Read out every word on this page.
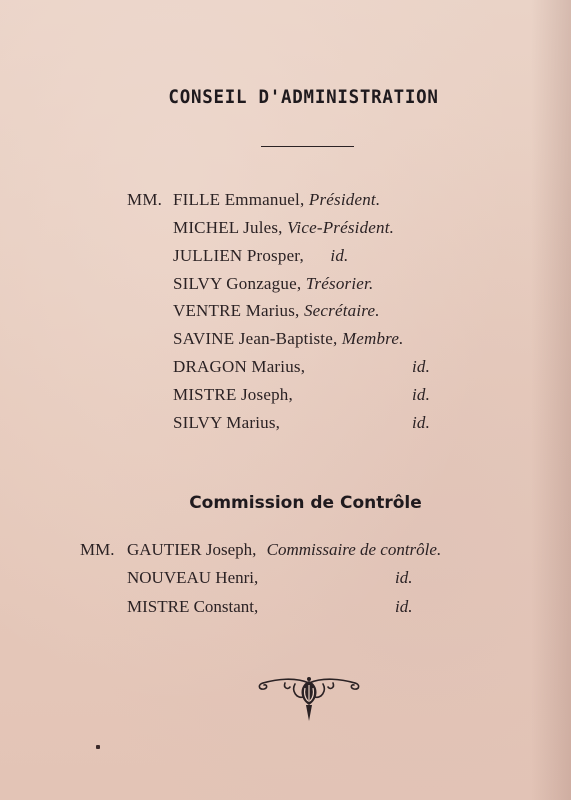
CONSEIL D'ADMINISTRATION
MM. FILLE Emmanuel, Président.
MICHEL Jules, Vice-Président.
JULLIEN Prosper, id.
SILVY Gonzague, Trésorier.
VENTRE Marius, Secrétaire.
SAVINE Jean-Baptiste, Membre.
DRAGON Marius,	id.
MISTRE Joseph,	id.
SILVY Marius,	id.
Commission de Contrôle
MM. GAUTIER Joseph, Commissaire de contrôle.
NOUVEAU Henri,	id.
MISTRE Constant,	id.
